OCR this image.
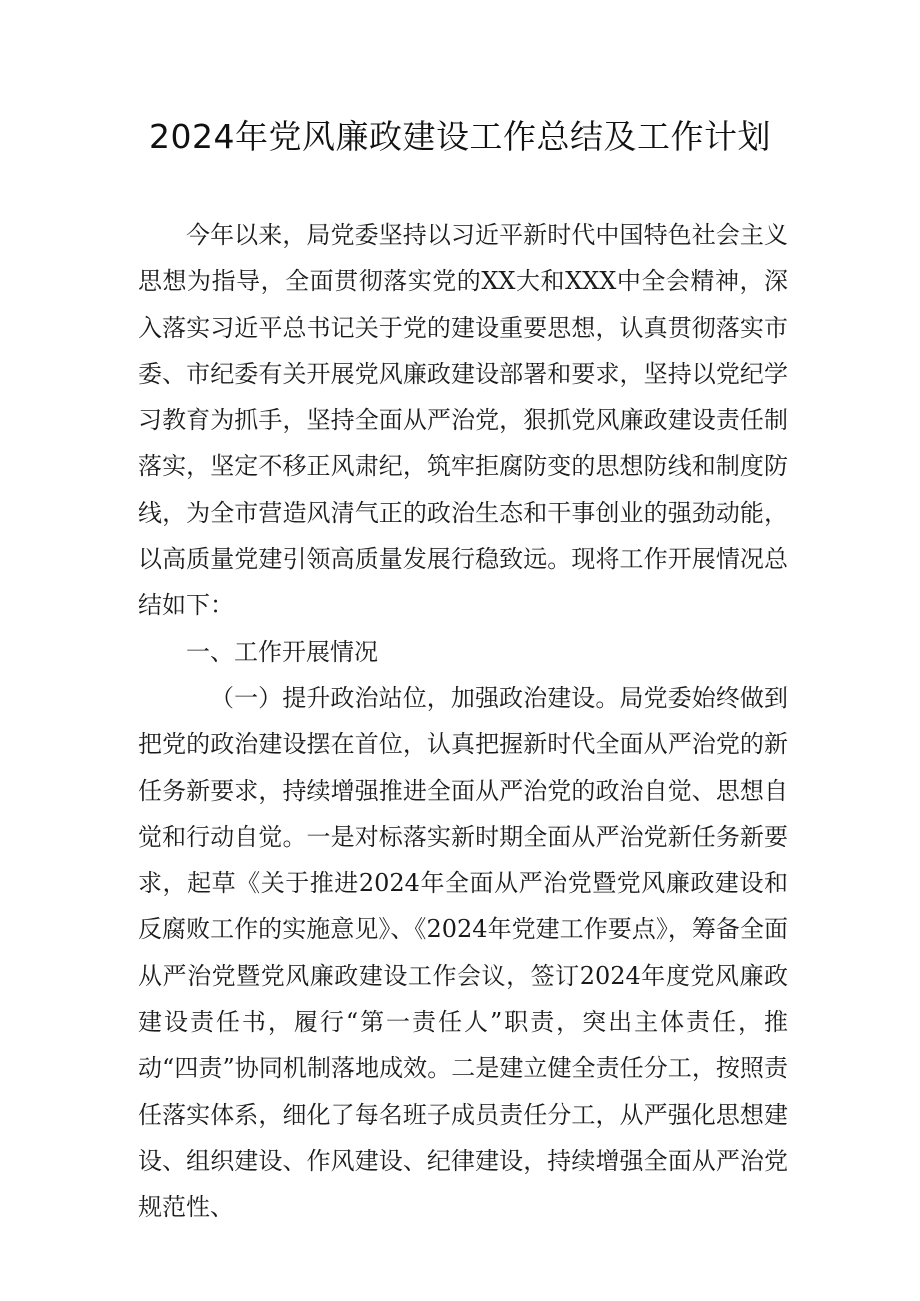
2024年党风廉政建设工作总结及工作计划

今年以来，局党委坚持以习近平新时代中国特色社会主义思想为指导，全面贯彻落实党的XX大和XXX中全会精神，深入落实习近平总书记关于党的建设重要思想，认真贯彻落实市委、市纪委有关开展党风廉政建设部署和要求，坚持以党纪学习教育为抓手，坚持全面从严治党，狠抓党风廉政建设责任制落实，坚定不移正风肃纪，筑牢拒腐防变的思想防线和制度防线，为全市营造风清气正的政治生态和干事创业的强劲动能，以高质量党建引领高质量发展行稳致远。现将工作开展情况总结如下：

一、工作开展情况

（一）提升政治站位，加强政治建设。局党委始终做到把党的政治建设摆在首位，认真把握新时代全面从严治党的新任务新要求，持续增强推进全面从严治党的政治自觉、思想自觉和行动自觉。一是对标落实新时期全面从严治党新任务新要求，起草《关于推进2024年全面从严治党暨党风廉政建设和反腐败工作的实施意见》、《2024年党建工作要点》，筹备全面从严治党暨党风廉政建设工作会议，签订2024年度党风廉政建设责任书，履行“第一责任人”职责，突出主体责任，推动“四责”协同机制落地成效。二是建立健全责任分工，按照责任落实体系，细化了每名班子成员责任分工，从严强化思想建设、组织建设、作风建设、纪律建设，持续增强全面从严治党规范性、
